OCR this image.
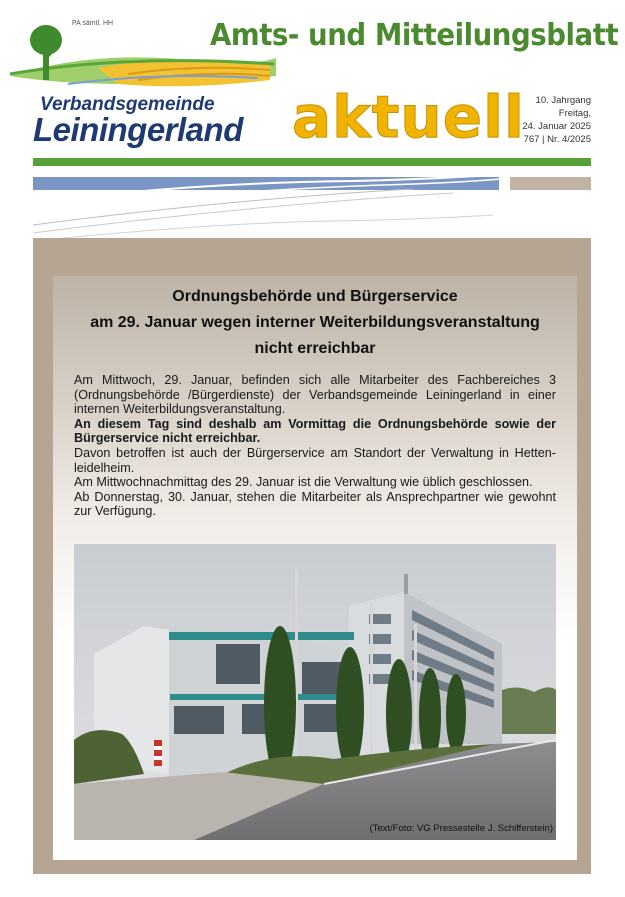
PA sämtl. HH	Amts- und Mitteilungsblatt
Verbandsgemeinde
Leiningerland aktuell	10. Jahrgang
Freitag,
24. Januar 2025
767 | Nr. 4/2025
Ordnungsbehörde und Bürgerservice
am 29. Januar wegen interner Weiterbildungsveranstaltung
nicht erreichbar

Am Mittwoch, 29. Januar, befinden sich alle Mitarbeiter des Fachbereiches 3 (Ordnungsbehörde /Bürgerdienste) der Verbandsgemeinde Leiningerland in einer internen Weiterbildungsveranstaltung.

An diesem Tag sind deshalb am Vormittag die Ordnungsbehörde sowie der Bürgerservice nicht erreichbar.

Davon betroffen ist auch der Bürgerservice am Standort der Verwaltung in Hettenleidelheim.

Am Mittwochnachmittag des 29. Januar ist die Verwaltung wie üblich geschlossen.

Ab Donnerstag, 30. Januar, stehen die Mitarbeiter als Ansprechpartner wie gewohnt zur Verfügung.

(Text/Foto: VG Pressestelle J. Schifferstein)
